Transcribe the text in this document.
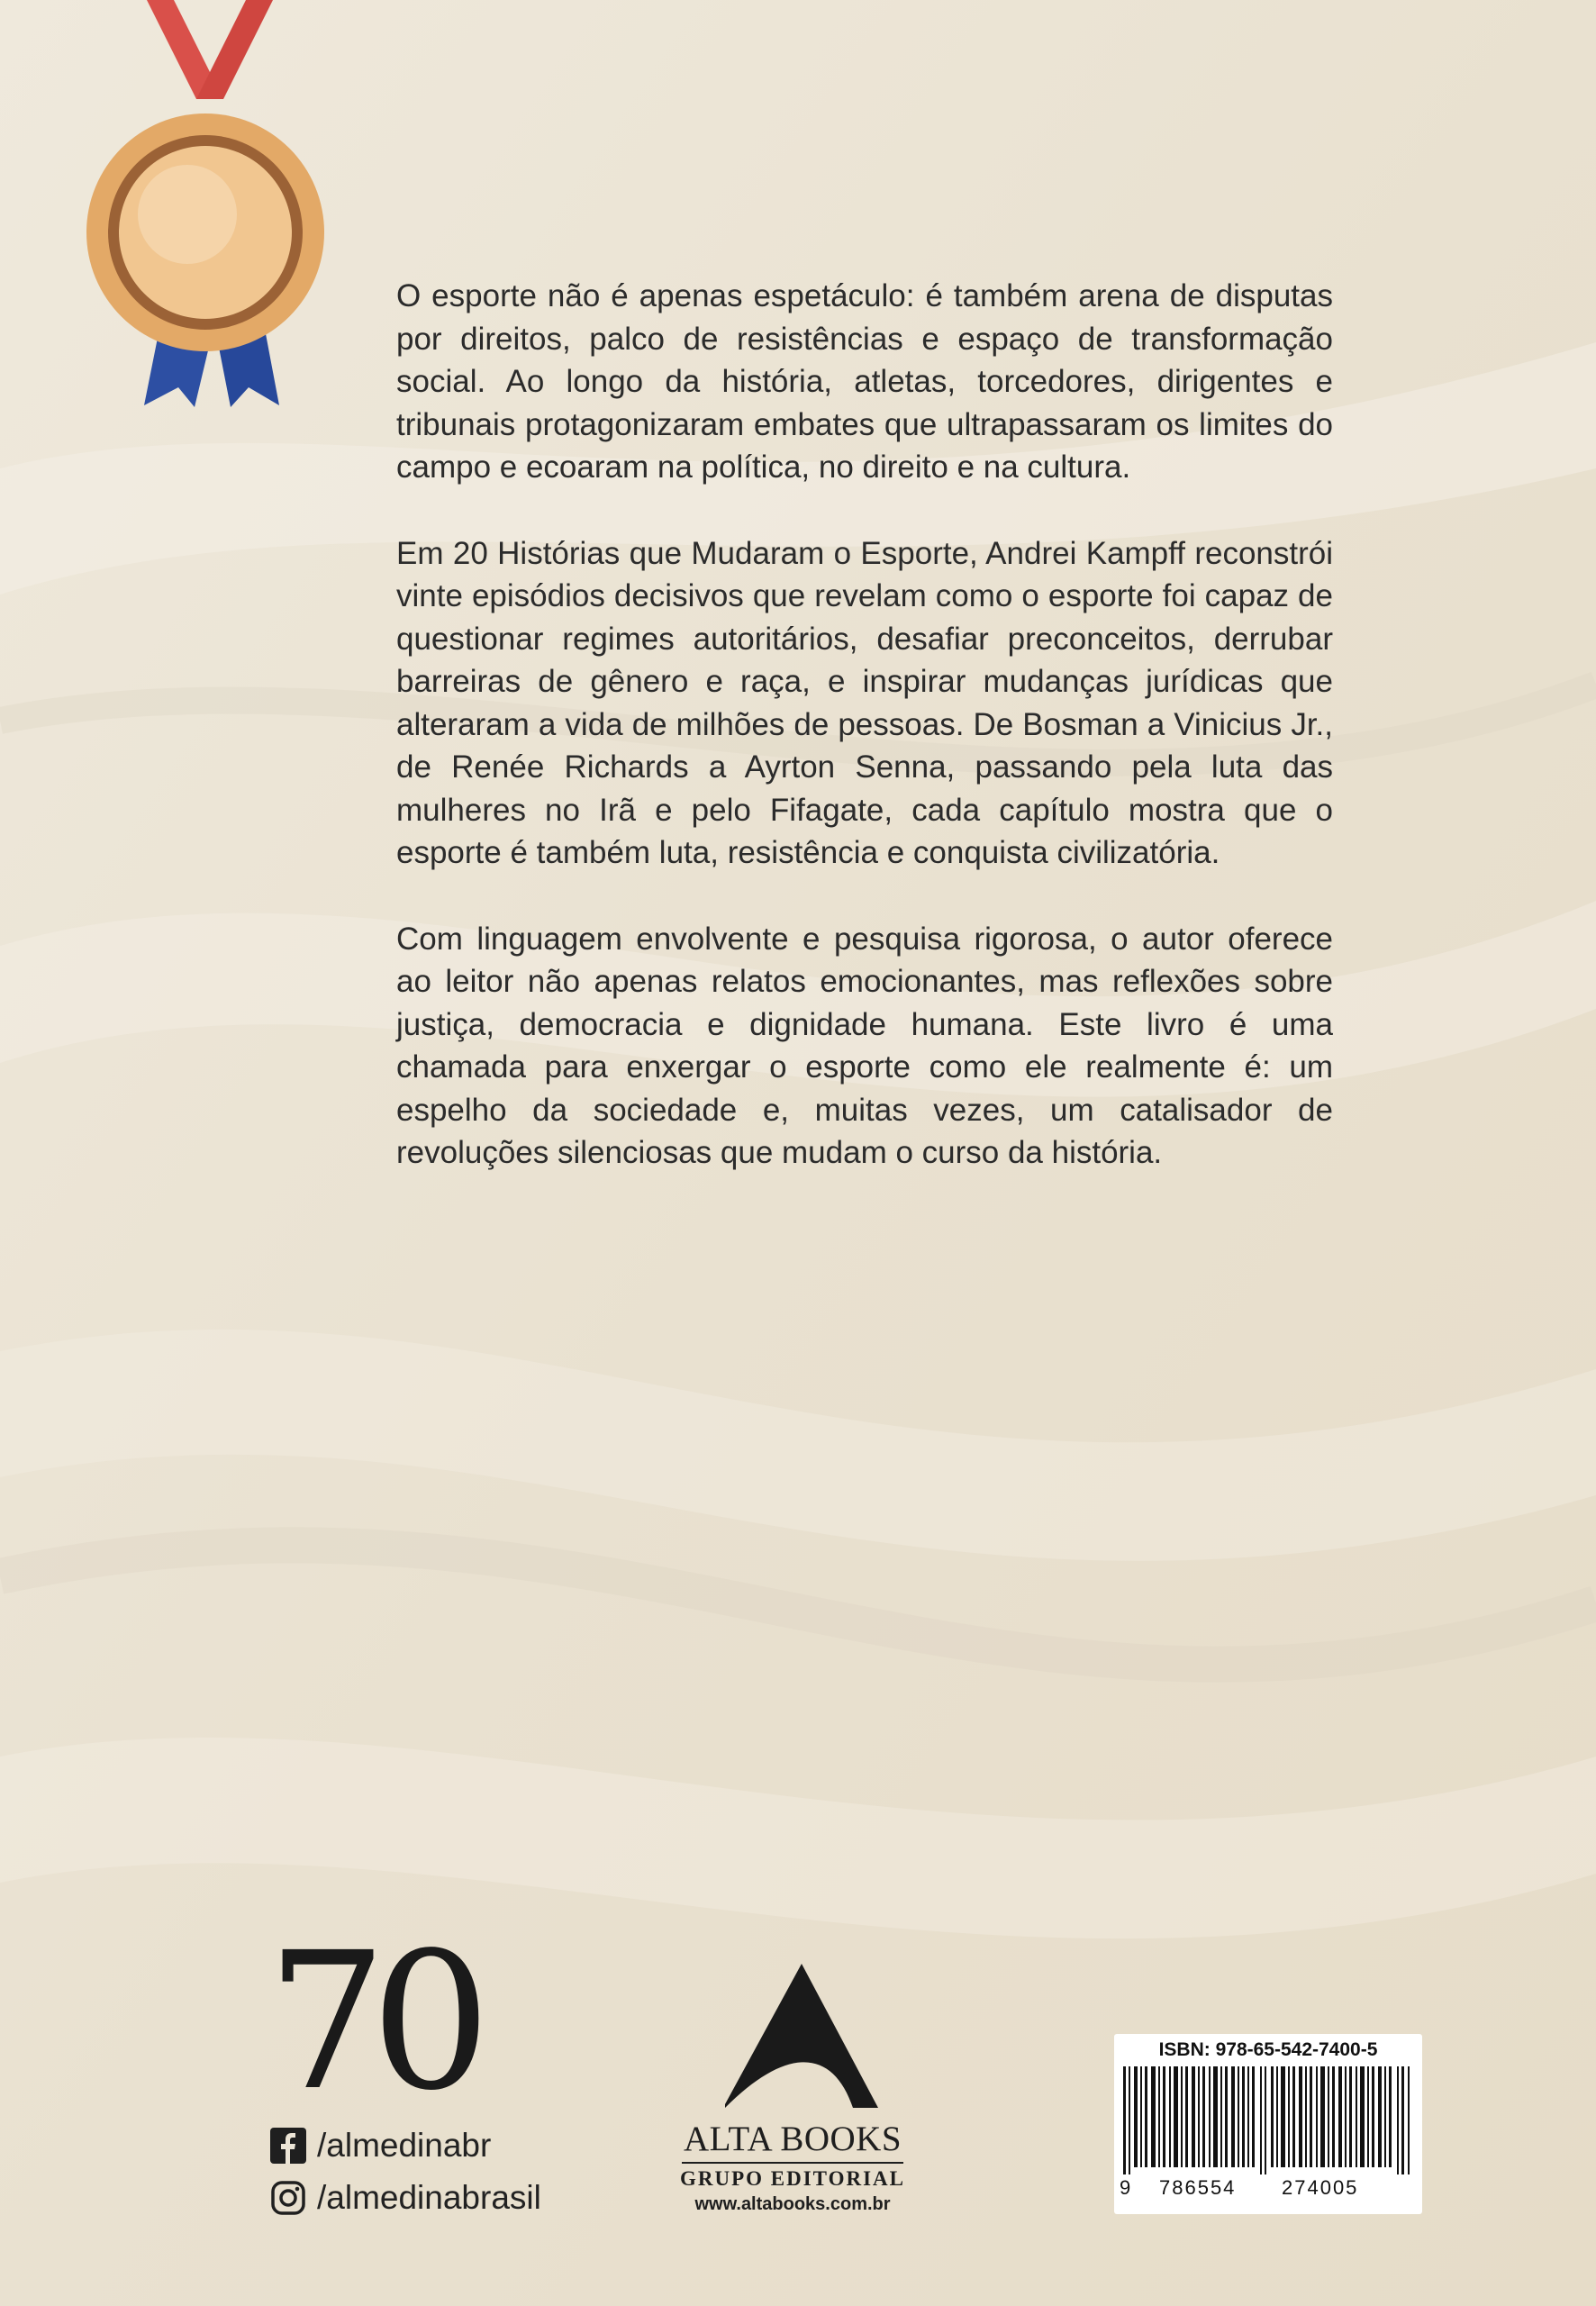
O esporte não é apenas espetáculo: é também arena de disputas por direitos, palco de resistências e espaço de transformação social. Ao longo da história, atletas, torcedores, dirigentes e tribunais protagonizaram embates que ultrapassaram os limites do campo e ecoaram na política, no direito e na cultura.

Em 20 Histórias que Mudaram o Esporte, Andrei Kampff reconstrói vinte episódios decisivos que revelam como o esporte foi capaz de questionar regimes autoritários, desafiar preconceitos, derrubar barreiras de gênero e raça, e inspirar mudanças jurídicas que alteraram a vida de milhões de pessoas. De Bosman a Vinicius Jr., de Renée Richards a Ayrton Senna, passando pela luta das mulheres no Irã e pelo Fifagate, cada capítulo mostra que o esporte é também luta, resistência e conquista civilizatória.

Com linguagem envolvente e pesquisa rigorosa, o autor oferece ao leitor não apenas relatos emocionantes, mas reflexões sobre justiça, democracia e dignidade humana. Este livro é uma chamada para enxergar o esporte como ele realmente é: um espelho da sociedade e, muitas vezes, um catalisador de revoluções silenciosas que mudam o curso da história.

70
/almedinabr
/almedinabrasil
ALTA BOOKS
GRUPO EDITORIAL
www.altabooks.com.br
ISBN: 978-65-542-7400-5
9 786554	274005
